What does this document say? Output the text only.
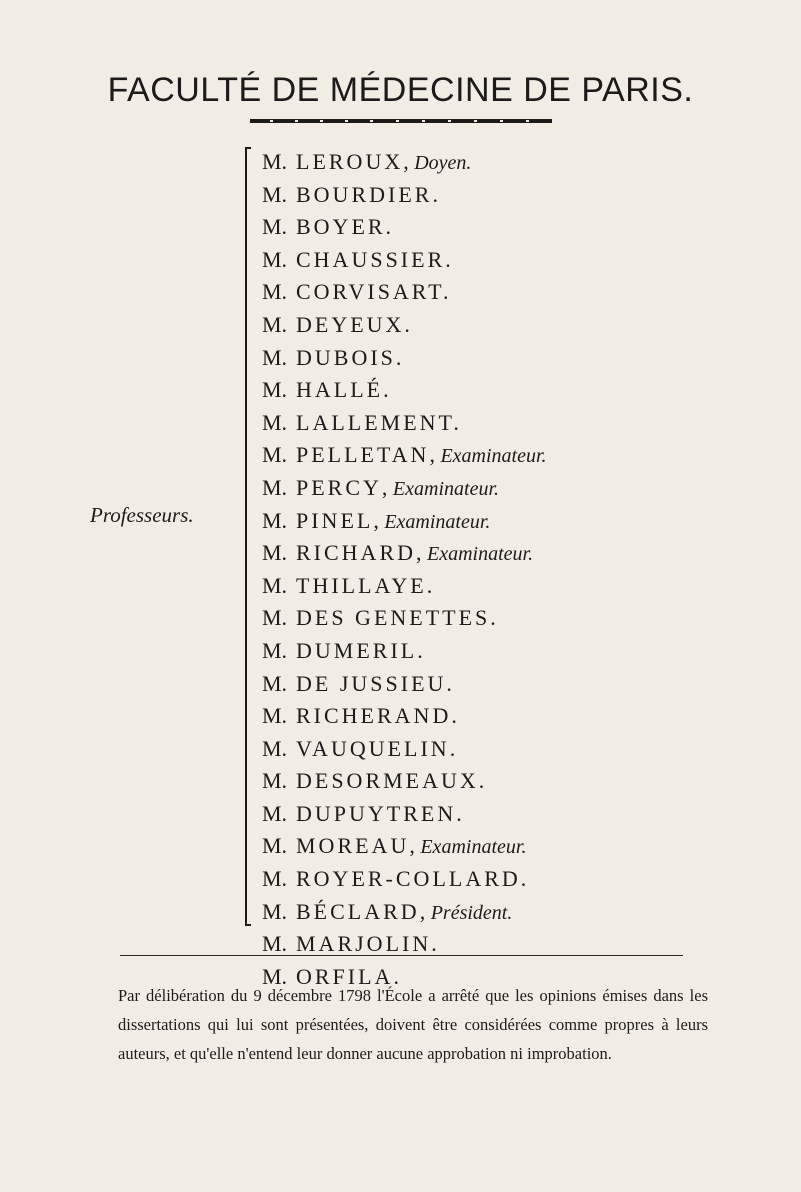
FACULTÉ DE MÉDECINE DE PARIS.
Professeurs.
M. LEROUX, Doyen.
M. BOURDIER.
M. BOYER.
M. CHAUSSIER.
M. CORVISART.
M. DEYEUX.
M. DUBOIS.
M. HALLÉ.
M. LALLEMENT.
M. PELLETAN, Examinateur.
M. PERCY, Examinateur.
M. PINEL, Examinateur.
M. RICHARD, Examinateur.
M. THILLAYE.
M. DES GENETTES.
M. DUMERIL.
M. DE JUSSIEU.
M. RICHERAND.
M. VAUQUELIN.
M. DESORMEAUX.
M. DUPUYTREN.
M. MOREAU, Examinateur.
M. ROYER-COLLARD.
M. BÉCLARD, Président.
M. MARJOLIN.
M. ORFILA.

Par délibération du 9 décembre 1798 l'École a arrêté que les opinions émises dans les dissertations qui lui sont présentées, doivent être considérées comme propres à leurs auteurs, et qu'elle n'entend leur donner aucune approbation ni improbation.
